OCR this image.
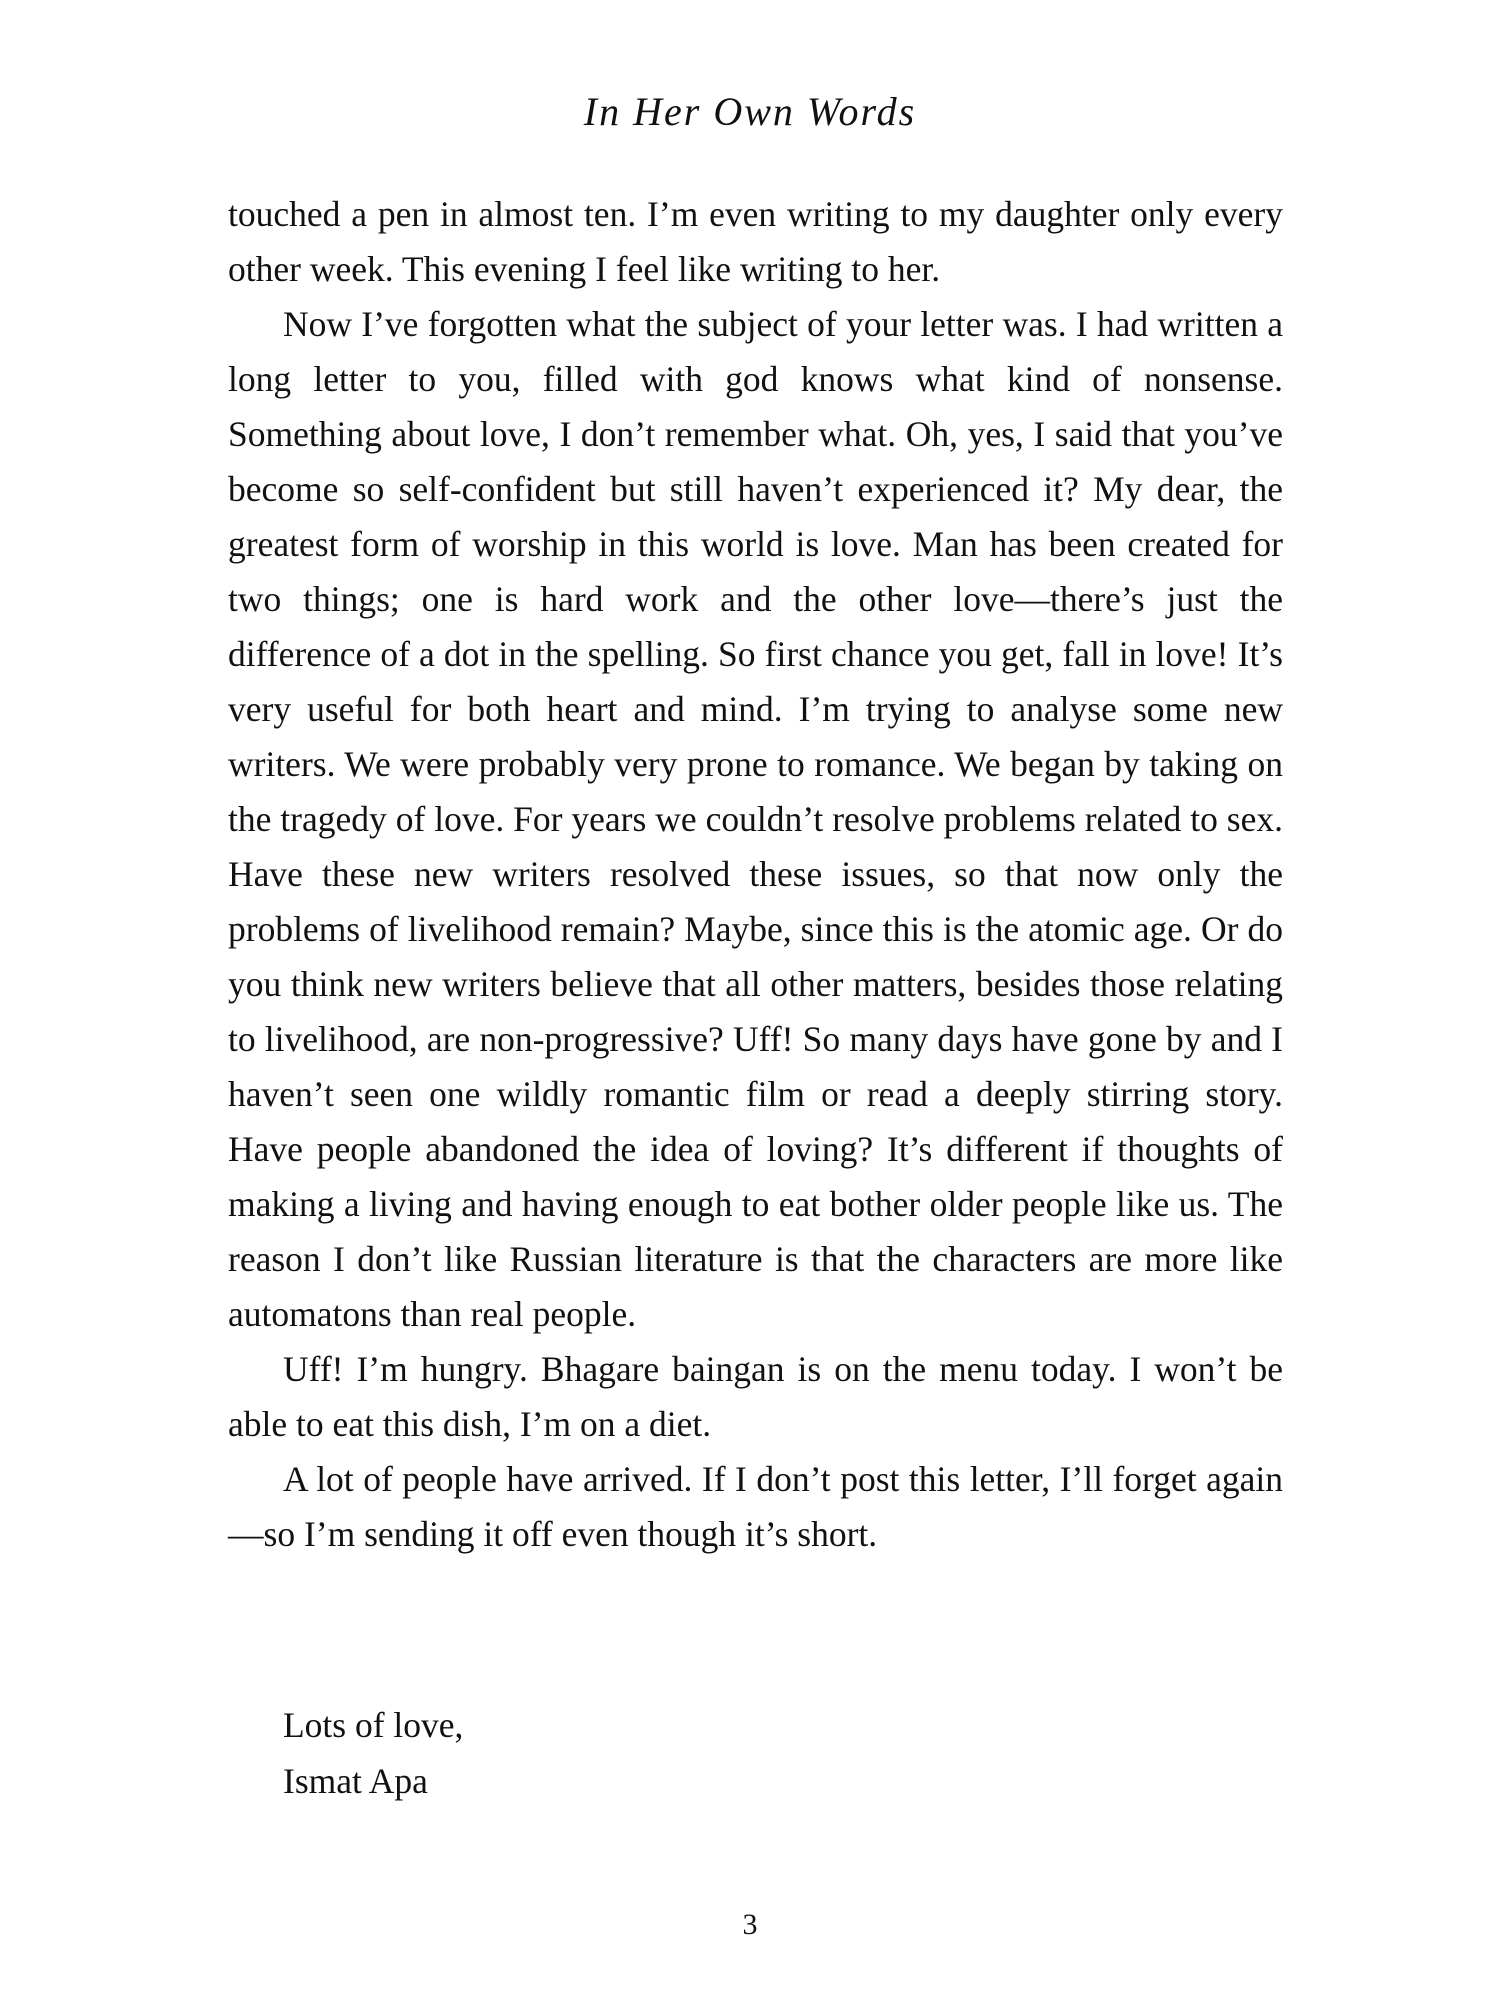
In Her Own Words

touched a pen in almost ten. I’m even writing to my daughter only every other week. This evening I feel like writing to her.

Now I’ve forgotten what the subject of your letter was. I had written a long letter to you, filled with god knows what kind of nonsense. Something about love, I don’t remember what. Oh, yes, I said that you’ve become so self-confident but still haven’t experienced it? My dear, the greatest form of worship in this world is love. Man has been created for two things; one is hard work and the other love—there’s just the difference of a dot in the spelling. So first chance you get, fall in love! It’s very useful for both heart and mind. I’m trying to analyse some new writers. We were probably very prone to romance. We began by taking on the tragedy of love. For years we couldn’t resolve problems related to sex. Have these new writers resolved these issues, so that now only the problems of livelihood remain? Maybe, since this is the atomic age. Or do you think new writers believe that all other matters, besides those relating to livelihood, are non-progressive? Uff! So many days have gone by and I haven’t seen one wildly romantic film or read a deeply stirring story. Have people abandoned the idea of loving? It’s different if thoughts of making a living and having enough to eat bother older people like us. The reason I don’t like Russian literature is that the characters are more like automatons than real people.

Uff! I’m hungry. Bhagare baingan is on the menu today. I won’t be able to eat this dish, I’m on a diet.

A lot of people have arrived. If I don’t post this letter, I’ll forget again—so I’m sending it off even though it’s short.

Lots of love,
Ismat Apa
3
